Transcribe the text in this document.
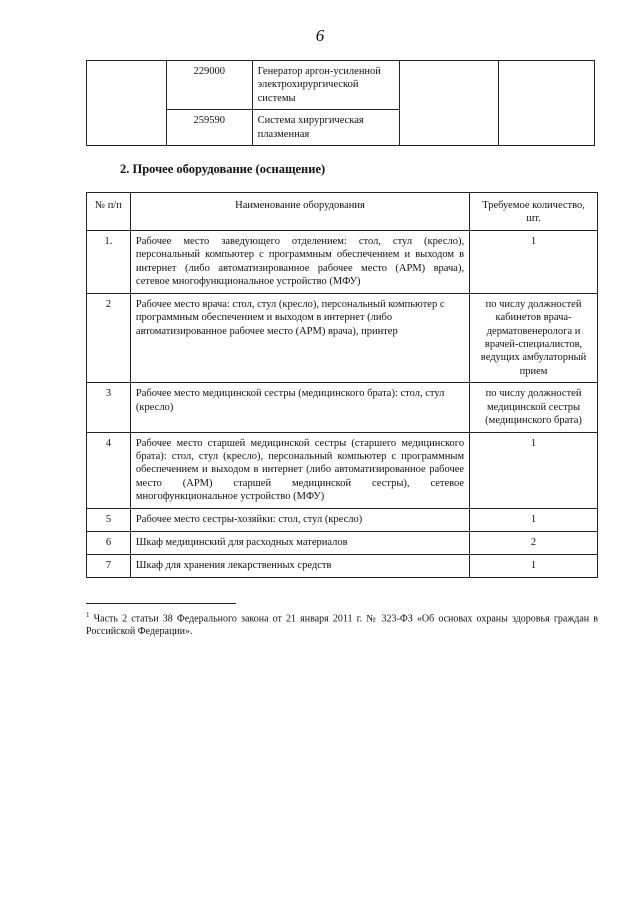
6
	229000	Генератор аргон-усиленной электрохирургической системы		
	259590	Система хирургическая плазменная		
2. Прочее оборудование (оснащение)
№ п/п	Наименование оборудования	Требуемое количество, шт.
1.	Рабочее место заведующего отделением: стол, стул (кресло), персональный компьютер с программным обеспечением и выходом в интернет (либо автоматизированное рабочее место (АРМ) врача), сетевое многофункциональное устройство (МФУ)	1
2	Рабочее место врача: стол, стул (кресло), персональный компьютер с программным обеспечением и выходом в интернет (либо автоматизированное рабочее место (АРМ) врача), принтер	по числу должностей кабинетов врача-дерматовенеролога и врачей-специалистов, ведущих амбулаторный прием
3	Рабочее место медицинской сестры (медицинского брата): стол, стул (кресло)	по числу должностей медицинской сестры (медицинского брата)
4	Рабочее место старшей медицинской сестры (старшего медицинского брата): стол, стул (кресло), персональный компьютер с программным обеспечением и выходом в интернет (либо автоматизированное рабочее место (АРМ) старшей медицинской сестры), сетевое многофункциональное устройство (МФУ)	1
5	Рабочее место сестры-хозяйки: стол, стул (кресло)	1
6	Шкаф медицинский для расходных материалов	2
7	Шкаф для хранения лекарственных средств	1
$^1$ Часть 2 статьи 38 Федерального закона от 21 января 2011 г. № 323-ФЗ «Об основах охраны здоровья граждан в Российской Федерации».
